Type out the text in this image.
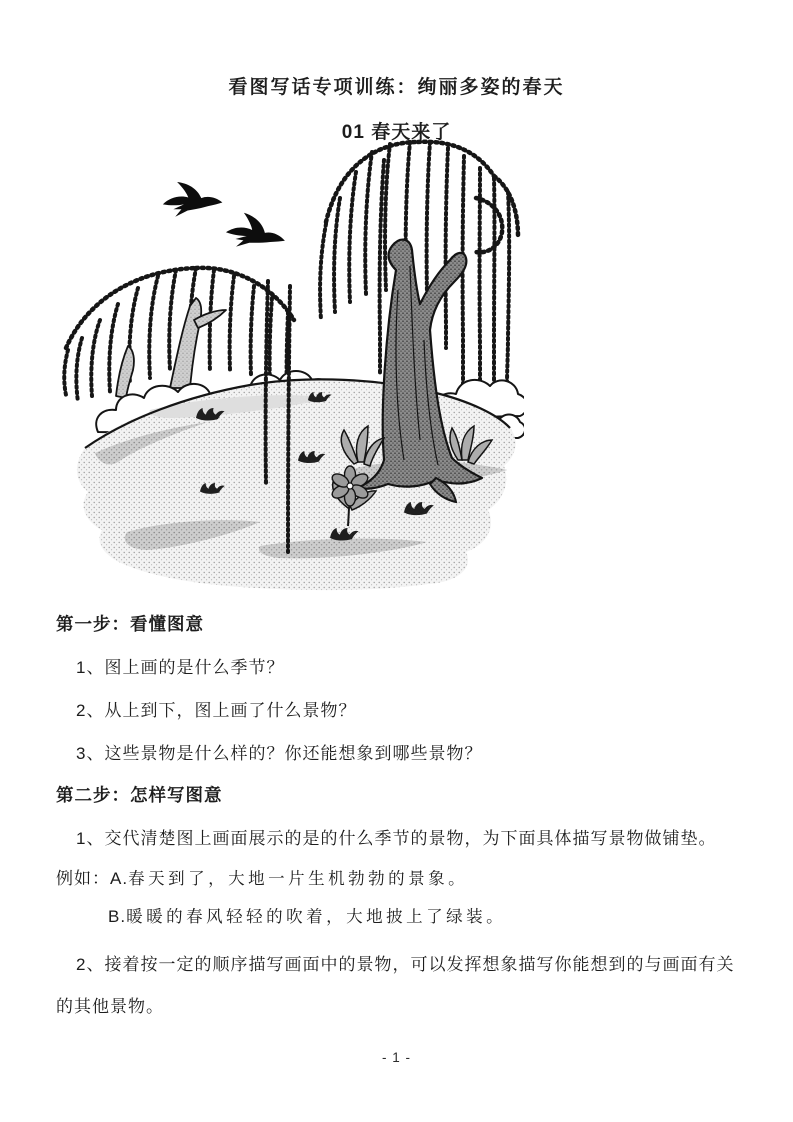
看图写话专项训练：绚丽多姿的春天
01 春天来了
第一步：看懂图意
1、图上画的是什么季节？
2、从上到下，图上画了什么景物？
3、这些景物是什么样的？你还能想象到哪些景物？
第二步：怎样写图意
1、交代清楚图上画面展示的是的什么季节的景物，为下面具体描写景物做铺垫。
例如：A.春天到了，大地一片生机勃勃的景象。
B.暖暖的春风轻轻的吹着，大地披上了绿装。
2、接着按一定的顺序描写画面中的景物，可以发挥想象描写你能想到的与画面有关的其他景物。
- 1 -
